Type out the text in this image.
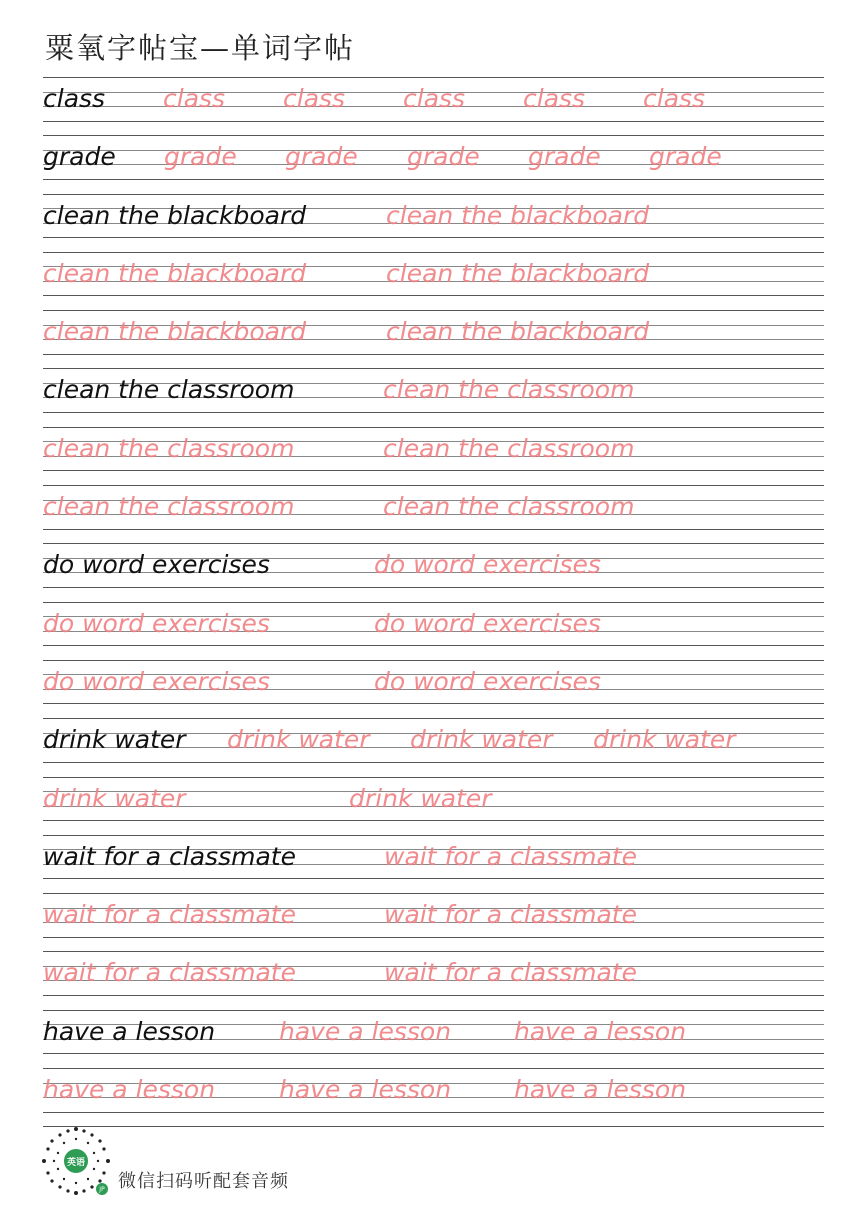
粟氧字帖宝—单词字帖
class class class class class class
grade grade grade grade grade grade
clean the blackboard	clean the blackboard
clean the blackboard	clean the blackboard
clean the blackboard	clean the blackboard
clean the classroom	clean the classroom
clean the classroom	clean the classroom
clean the classroom	clean the classroom
do word exercises	do word exercises
do word exercises	do word exercises
do word exercises	do word exercises
drink water drink water drink water drink water
drink water	drink water
wait for a classmate	wait for a classmate
wait for a classmate	wait for a classmate
wait for a classmate	wait for a classmate
have a lesson	have a lesson	have a lesson
have a lesson	have a lesson	have a lesson
英语
JP 微信扫码听配套音频
